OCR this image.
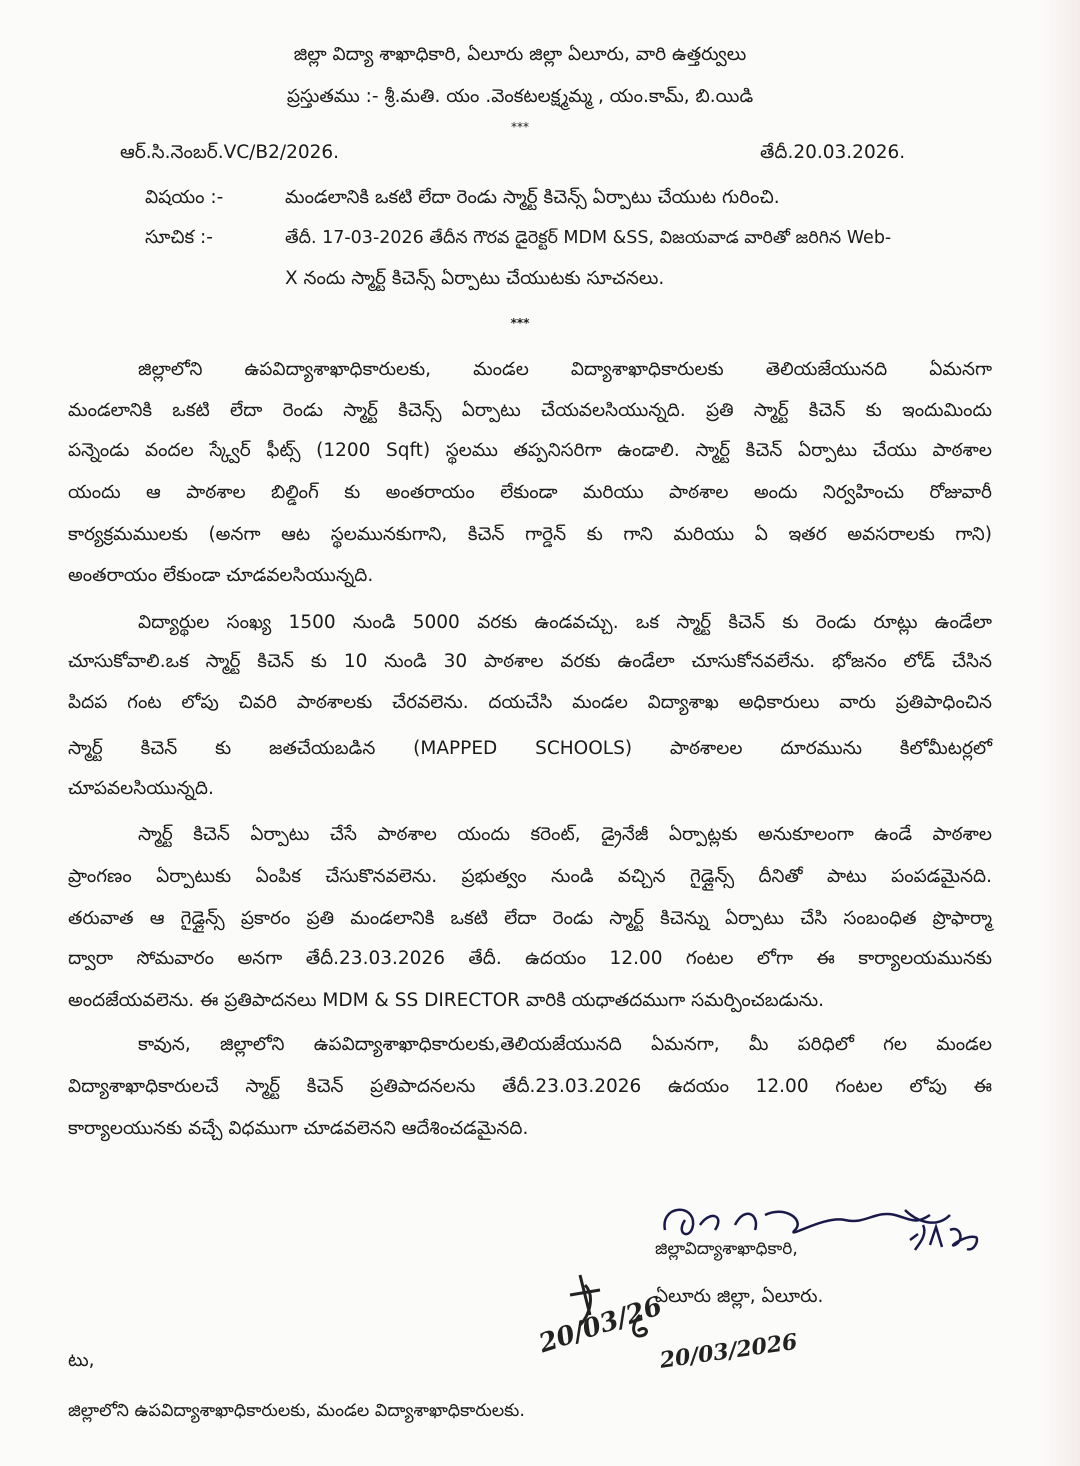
జిల్లా విద్యా శాఖాధికారి, ఏలూరు జిల్లా ఏలూరు, వారి ఉత్తర్వులు
ప్రస్తుతము :- శ్రీ.మతి. యం .వెంకటలక్ష్మమ్మ , యం.కామ్, బి.యిడి
***
ఆర్.సి.నెంబర్.VC/B2/2026.	తేదీ.20.03.2026.
విషయం :-	మండలానికి ఒకటి లేదా రెండు స్మార్ట్ కిచెన్స్ ఏర్పాటు చేయుట గురించి.
సూచిక :-	తేదీ. 17-03-2026 తేదీన గౌరవ డైరెక్టర్ MDM &SS, విజయవాడ వారితో జరిగిన Web-
X నందు స్మార్ట్ కిచెన్స్ ఏర్పాటు చేయుటకు సూచనలు.
***
జిల్లాలోని ఉపవిద్యాశాఖాధికారులకు, మండల విద్యాశాఖాధికారులకు తెలియజేయునది ఏమనగా
మండలానికి ఒకటి లేదా రెండు స్మార్ట్ కిచెన్స్ ఏర్పాటు చేయవలసియున్నది. ప్రతి స్మార్ట్ కిచెన్ కు ఇందుమిందు
పన్నెండు వందల స్క్వేర్ ఫీట్స్ (1200 Sqft) స్థలము తప్పనిసరిగా ఉండాలి. స్మార్ట్ కిచెన్ ఏర్పాటు చేయు పాఠశాల
యందు ఆ పాఠశాల బిల్డింగ్ కు అంతరాయం లేకుండా మరియు పాఠశాల అందు నిర్వహించు రోజువారీ
కార్యక్రమములకు (అనగా ఆట స్థలమునకుగాని, కిచెన్ గార్డెన్ కు గాని మరియు ఏ ఇతర అవసరాలకు గాని)
అంతరాయం లేకుండా చూడవలసియున్నది.
విద్యార్థుల సంఖ్య 1500 నుండి 5000 వరకు ఉండవచ్చు. ఒక స్మార్ట్ కిచెన్ కు రెండు రూట్లు ఉండేలా
చూసుకోవాలి.ఒక స్మార్ట్ కిచెన్ కు 10 నుండి 30 పాఠశాల వరకు ఉండేలా చూసుకోనవలేను. భోజనం లోడ్ చేసిన
పిదప గంట లోపు చివరి పాఠశాలకు చేరవలెను. దయచేసి మండల విద్యాశాఖ అధికారులు వారు ప్రతిపాధించిన
స్మార్ట్ కిచెన్ కు జతచేయబడిన (MAPPED SCHOOLS) పాఠశాలల దూరమును కిలోమీటర్లలో
చూపవలసియున్నది.
స్మార్ట్ కిచెన్ ఏర్పాటు చేసే పాఠశాల యందు కరెంట్, డ్రైనేజీ ఏర్పాట్లకు అనుకూలంగా ఉండే పాఠశాల
ప్రాంగణం ఏర్పాటుకు ఏంపిక చేసుకొనవలెను. ప్రభుత్వం నుండి వచ్చిన గైడ్లైన్స్ దీనితో పాటు పంపడమైనది.
తరువాత ఆ గైడ్లైన్స్ ప్రకారం ప్రతి మండలానికి ఒకటి లేదా రెండు స్మార్ట్ కిచెన్ను ఏర్పాటు చేసి సంబంధిత ప్రొఫార్మా
ద్వారా సోమవారం అనగా తేదీ.23.03.2026 తేదీ. ఉదయం 12.00 గంటల లోగా ఈ కార్యాలయమునకు
అందజేయవలెను. ఈ ప్రతిపాదనలు MDM & SS DIRECTOR వారికి యధాతదముగా సమర్పించబడును.
కావున, జిల్లాలోని ఉపవిద్యాశాఖాధికారులకు,తెలియజేయునది ఏమనగా, మీ పరిధిలో గల మండల
విద్యాశాఖాధికారులచే స్మార్ట్ కిచెన్ ప్రతిపాదనలను తేదీ.23.03.2026 ఉదయం 12.00 గంటల లోపు ఈ
కార్యాలయునకు వచ్చే విధముగా చూడవలెనని ఆదేశించడమైనది.
జిల్లావిద్యాశాఖాధికారి,
ఏలూరు జిల్లా, ఏలూరు.
20/03/26
20/03/2026
టు,
జిల్లాలోని ఉపవిద్యాశాఖాధికారులకు, మండల విద్యాశాఖాధికారులకు.
